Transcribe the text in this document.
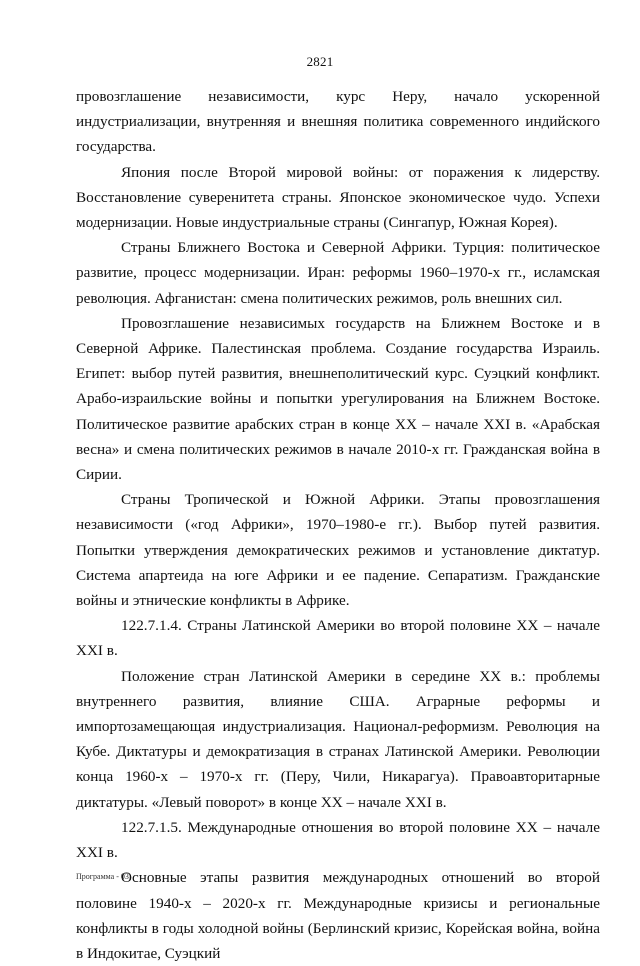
2821

провозглашение независимости, курс Неру, начало ускоренной индустриализации, внутренняя и внешняя политика современного индийского государства.

Япония после Второй мировой войны: от поражения к лидерству. Восстановление суверенитета страны. Японское экономическое чудо. Успехи модернизации. Новые индустриальные страны (Сингапур, Южная Корея).

Страны Ближнего Востока и Северной Африки. Турция: политическое развитие, процесс модернизации. Иран: реформы 1960–1970-х гг., исламская революция. Афганистан: смена политических режимов, роль внешних сил.

Провозглашение независимых государств на Ближнем Востоке и в Северной Африке. Палестинская проблема. Создание государства Израиль. Египет: выбор путей развития, внешнеполитический курс. Суэцкий конфликт. Арабо-израильские войны и попытки урегулирования на Ближнем Востоке. Политическое развитие арабских стран в конце XX – начале XXI в. «Арабская весна» и смена политических режимов в начале 2010-х гг. Гражданская война в Сирии.

Страны Тропической и Южной Африки. Этапы провозглашения независимости («год Африки», 1970–1980-е гг.). Выбор путей развития. Попытки утверждения демократических режимов и установление диктатур. Система апартеида на юге Африки и ее падение. Сепаратизм. Гражданские войны и этнические конфликты в Африке.

122.7.1.4. Страны Латинской Америки во второй половине XX – начале XXI в.

Положение стран Латинской Америки в середине XX в.: проблемы внутреннего развития, влияние США. Аграрные реформы и импортозамещающая индустриализация. Национал-реформизм. Революция на Кубе. Диктатуры и демократизация в странах Латинской Америки. Революции конца 1960-х – 1970-х гг. (Перу, Чили, Никарагуа). Правоавторитарные диктатуры. «Левый поворот» в конце XX – начале XXI в.

122.7.1.5. Международные отношения во второй половине XX – начале XXI в.

Основные этапы развития международных отношений во второй половине 1940-х – 2020-х гг. Международные кризисы и региональные конфликты в годы холодной войны (Берлинский кризис, Корейская война, война в Индокитае, Суэцкий

Программа - 03
